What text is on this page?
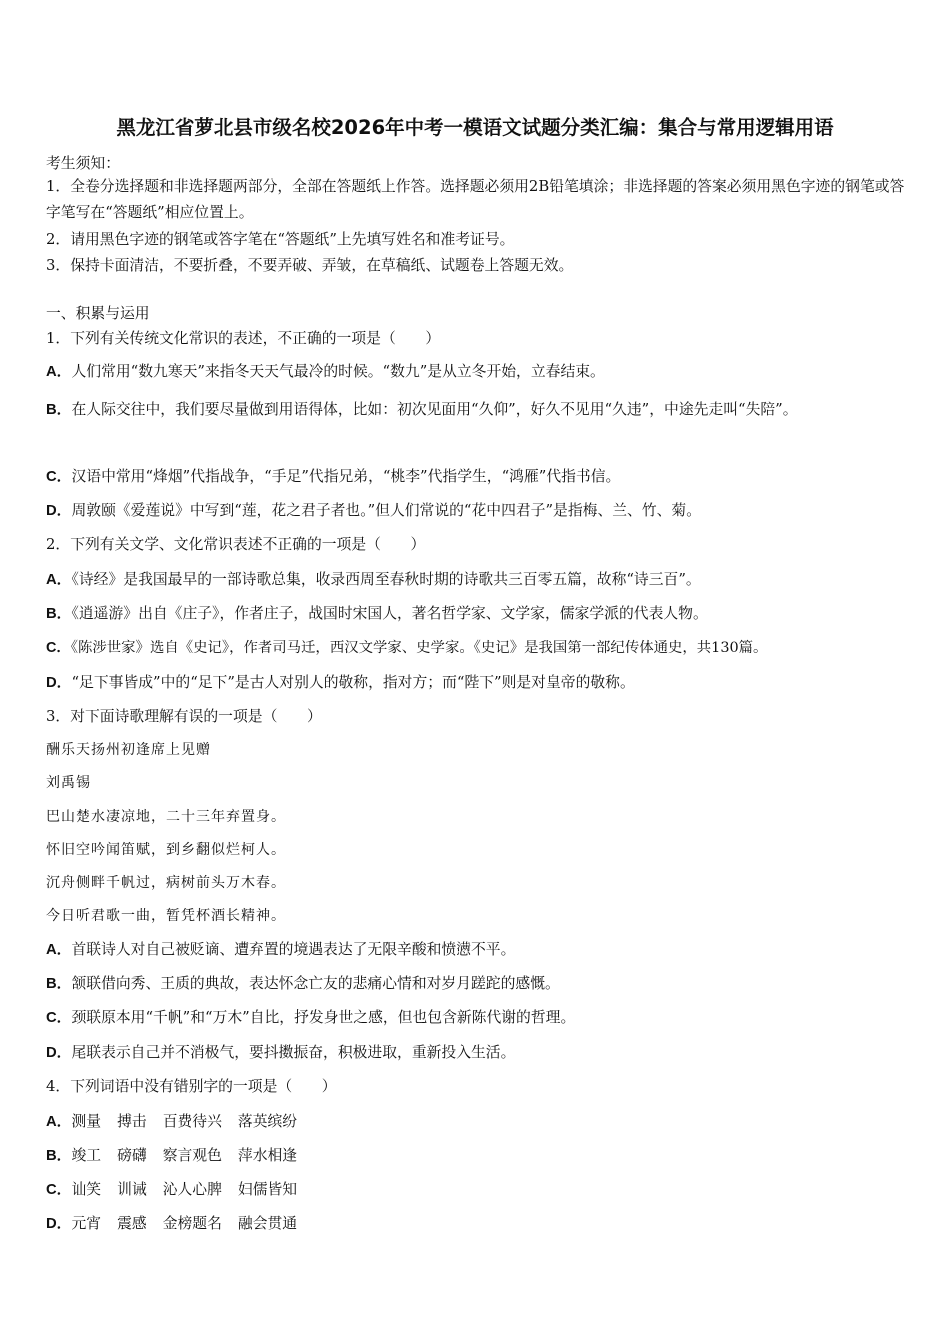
黑龙江省萝北县市级名校2026年中考一模语文试题分类汇编：集合与常用逻辑用语
考生须知：
1．全卷分选择题和非选择题两部分，全部在答题纸上作答。选择题必须用2B铅笔填涂；非选择题的答案必须用黑色字迹的钢笔或答字笔写在“答题纸”相应位置上。
2．请用黑色字迹的钢笔或答字笔在“答题纸”上先填写姓名和准考证号。
3．保持卡面清洁，不要折叠，不要弄破、弄皱，在草稿纸、试题卷上答题无效。
一、积累与运用
1．下列有关传统文化常识的表述，不正确的一项是（　　）
A．人们常用“数九寒天”来指冬天天气最冷的时候。“数九”是从立冬开始，立春结束。
B．在人际交往中，我们要尽量做到用语得体，比如：初次见面用“久仰”，好久不见用“久违”，中途先走叫“失陪”。
C．汉语中常用“烽烟”代指战争，“手足”代指兄弟，“桃李”代指学生，“鸿雁”代指书信。
D．周敦颐《爱莲说》中写到“莲，花之君子者也。”但人们常说的“花中四君子”是指梅、兰、竹、菊。
2．下列有关文学、文化常识表述不正确的一项是（　　）
A．《诗经》是我国最早的一部诗歌总集，收录西周至春秋时期的诗歌共三百零五篇，故称“诗三百”。
B．《逍遥游》出自《庄子》，作者庄子，战国时宋国人，著名哲学家、文学家，儒家学派的代表人物。
C．《陈涉世家》选自《史记》，作者司马迁，西汉文学家、史学家。《史记》是我国第一部纪传体通史，共130篇。
D．“足下事皆成”中的“足下”是古人对别人的敬称，指对方；而“陛下”则是对皇帝的敬称。
3．对下面诗歌理解有误的一项是（　　）
酬乐天扬州初逢席上见赠
刘禹锡
巴山楚水凄凉地，二十三年弃置身。
怀旧空吟闻笛赋，到乡翻似烂柯人。
沉舟侧畔千帆过，病树前头万木春。
今日听君歌一曲，暂凭杯酒长精神。
A．首联诗人对自己被贬谪、遭弃置的境遇表达了无限辛酸和愤懑不平。
B．颔联借向秀、王质的典故，表达怀念亡友的悲痛心情和对岁月蹉跎的感慨。
C．颈联原本用“千帆”和“万木”自比，抒发身世之感，但也包含新陈代谢的哲理。
D．尾联表示自己并不消极气，要抖擞振奋，积极进取，重新投入生活。
4．下列词语中没有错别字的一项是（　　）
A．测量 搏击 百费待兴 落英缤纷
B．竣工 磅礴 察言观色 萍水相逢
C．讪笑 训诫 沁人心脾 妇儒皆知
D．元宵 震感 金榜题名 融会贯通
